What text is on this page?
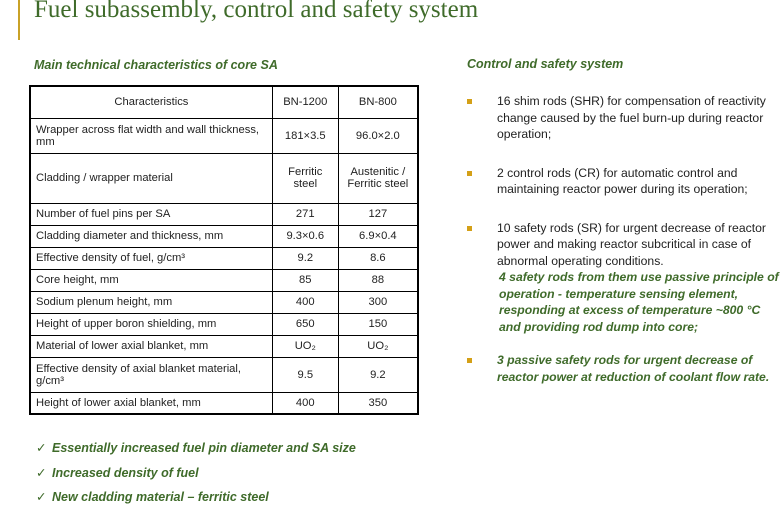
Fuel subassembly, control and safety system
Main technical characteristics of core SA	Control and safety system
Characteristics	BN-1200	BN-800
Wrapper across flat width and wall thickness, mm	181×3.5	96.0×2.0
Cladding / wrapper material	Ferritic steel	Austenitic / Ferritic steel
Number of fuel pins per SA	271	127
Cladding diameter and thickness, mm	9.3×0.6	6.9×0.4
Effective density of fuel, g/cm³	9.2	8.6
Core height, mm	85	88
Sodium plenum height, mm	400	300
Height of upper boron shielding, mm	650	150
Material of lower axial blanket, mm	UO₂	UO₂
Effective density of axial blanket material, g/cm³	9.5	9.2
Height of lower axial blanket, mm	400	350
✓ Essentially increased fuel pin diameter and SA size
✓ Increased density of fuel
✓ New cladding material – ferritic steel
16 shim rods (SHR) for compensation of reactivity change caused by the fuel burn-up during reactor operation;
2 control rods (CR) for automatic control and maintaining reactor power during its operation;
10 safety rods (SR) for urgent decrease of reactor power and making reactor subcritical in case of abnormal operating conditions.
4 safety rods from them use passive principle of operation - temperature sensing element, responding at excess of temperature ~800 °C and providing rod dump into core;
3 passive safety rods for urgent decrease of reactor power at reduction of coolant flow rate.
